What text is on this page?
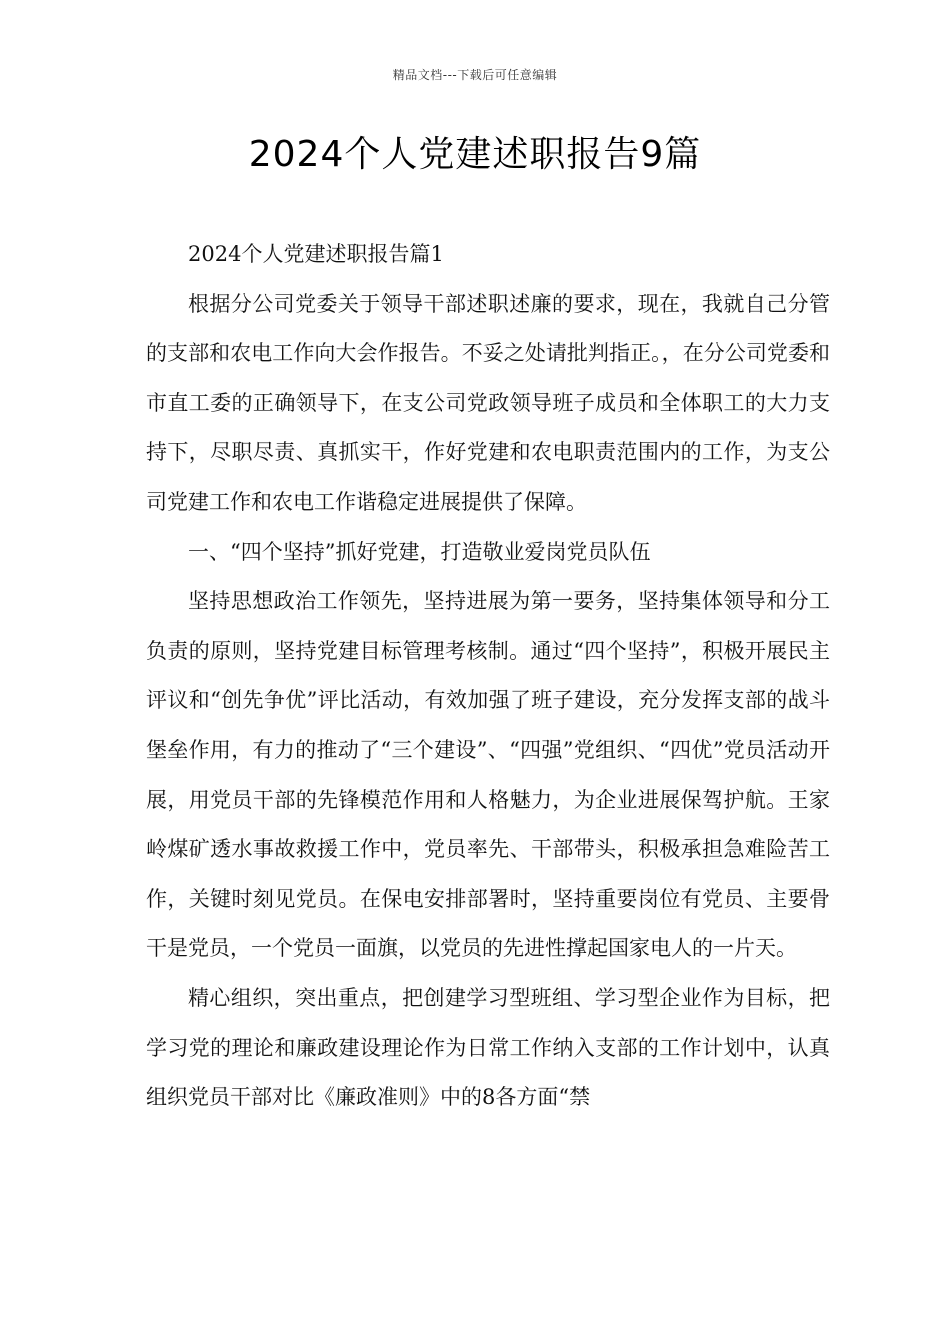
精品文档---下载后可任意编辑
2024个人党建述职报告9篇

2024个人党建述职报告篇1

根据分公司党委关于领导干部述职述廉的要求，现在，我就自己分管的支部和农电工作向大会作报告。不妥之处请批判指正。，在分公司党委和市直工委的正确领导下，在支公司党政领导班子成员和全体职工的大力支持下，尽职尽责、真抓实干，作好党建和农电职责范围内的工作，为支公司党建工作和农电工作谐稳定进展提供了保障。

一、“四个坚持”抓好党建，打造敬业爱岗党员队伍

坚持思想政治工作领先，坚持进展为第一要务，坚持集体领导和分工负责的原则，坚持党建目标管理考核制。通过“四个坚持”，积极开展民主评议和“创先争优”评比活动，有效加强了班子建设，充分发挥支部的战斗堡垒作用，有力的推动了“三个建设”、“四强”党组织、“四优”党员活动开展，用党员干部的先锋模范作用和人格魅力，为企业进展保驾护航。王家岭煤矿透水事故救援工作中，党员率先、干部带头，积极承担急难险苦工作，关键时刻见党员。在保电安排部署时，坚持重要岗位有党员、主要骨干是党员，一个党员一面旗，以党员的先进性撑起国家电人的一片天。

精心组织，突出重点，把创建学习型班组、学习型企业作为目标，把学习党的理论和廉政建设理论作为日常工作纳入支部的工作计划中，认真组织党员干部对比《廉政准则》中的8各方面“禁
